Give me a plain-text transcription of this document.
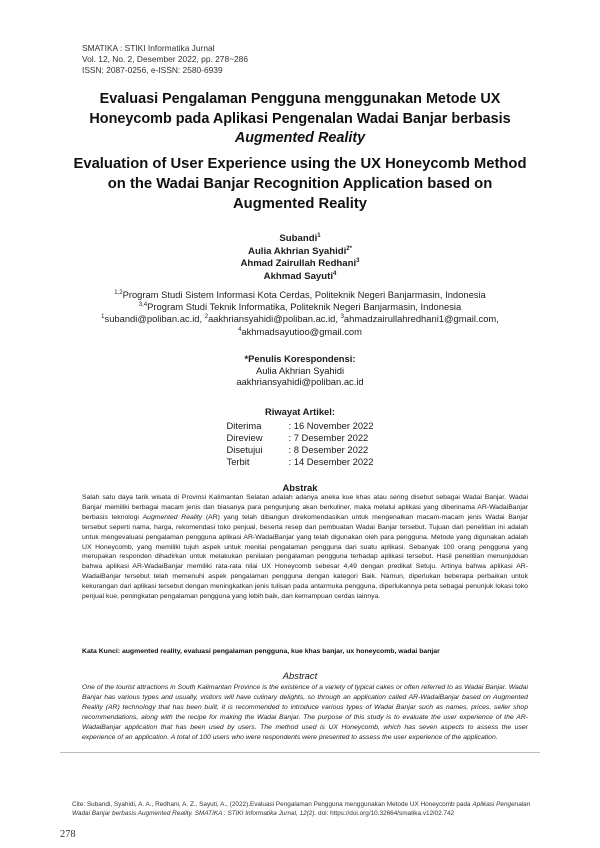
SMATIKA : STIKI Informatika Jurnal
Vol. 12, No. 2, Desember 2022, pp. 278~286
ISSN: 2087-0256, e-ISSN: 2580-6939
Evaluasi Pengalaman Pengguna menggunakan Metode UX
Honeycomb pada Aplikasi Pengenalan Wadai Banjar berbasis
Augmented Reality
Evaluation of User Experience using the UX Honeycomb Method
on the Wadai Banjar Recognition Application based on
Augmented Reality
Subandi$^1$
Aulia Akhrian Syahidi$^{2*}$
Ahmad Zairullah Redhani$^3$
Akhmad Sayuti$^4$
$^{1,2}$Program Studi Sistem Informasi Kota Cerdas, Politeknik Negeri Banjarmasin, Indonesia
$^{3,4}$Program Studi Teknik Informatika, Politeknik Negeri Banjarmasin, Indonesia
$^1$subandi@poliban.ac.id, $^2$aakhriansyahidi@poliban.ac.id, $^3$ahmadzairullahredhani1@gmail.com,
$^4$akhmadsayutioo@gmail.com
*Penulis Korespondensi:
Aulia Akhrian Syahidi
aakhriansyahidi@poliban.ac.id
Riwayat Artikel:
Diterima	: 16 November 2022
Direview	: 7 Desember 2022
Disetujui	: 8 Desember 2022
Terbit	: 14 Desember 2022
Abstrak
Salah satu daya tarik wisata di Provinsi Kalimantan Selatan adalah adanya aneka kue khas atau sering disebut sebagai Wadai Banjar. Wadai Banjar memiliki berbagai macam jenis dan biasanya para pengunjung akan berkuliner, maka melalui aplikasi yang diberinama AR-WadaiBanjar berbasis teknologi Augmented Reality (AR) yang telah dibangun direkomendasikan untuk mengenalkan macam-macam jenis Wadai Banjar tersebut seperti nama, harga, rekomendasi toko penjual, beserta resep dari pembuatan Wadai Banjar tersebut. Tujuan dari penelitian ini adalah untuk mengevaluasi pengalaman pengguna aplikasi AR-WadaiBanjar yang telah digunakan oleh para pengguna. Metode yang digunakan adalah UX Honeycomb, yang memiliki tujuh aspek untuk menilai pengalaman pengguna dari suatu aplikasi. Sebanyak 100 orang pengguna yang merupakan responden dihadirkan untuk melakukan penilaian pengalaman pengguna terhadap aplikasi tersebut. Hasil penelitian menunjukkan bahwa aplikasi AR-WadaiBanjar memiliki rata-rata nilai UX Honeycomb sebesar 4,49 dengan predikat Setuju. Artinya bahwa aplikasi AR-WadaiBanjar tersebut telah memenuhi aspek pengalaman pengguna dengan kategori Baik. Namun, diperlukan beberapa perbaikan untuk kekurangan dari aplikasi tersebut dengan meningkatkan jenis tulisan pada antarmuka pengguna, diperlukannya peta sebagai penunjuk lokasi toko penjual kue, peningkatan pengalaman pengguna yang lebih baik, dan kemampuan cerdas lainnya.
Kata Kunci: augmented reality, evaluasi pengalaman pengguna, kue khas banjar, ux honeycomb, wadai banjar
Abstract
One of the tourist attractions in South Kalimantan Province is the existence of a variety of typical cakes or often referred to as Wadai Banjar. Wadai Banjar has various types and usually, visitors will have culinary delights, so through an application called AR-WadaiBanjar based on Augmented Reality (AR) technology that has been built, it is recommended to introduce various types of Wadai Banjar such as names, prices, seller shop recommendations, along with the recipe for making the Wadai Banjar. The purpose of this study is to evaluate the user experience of the AR-WadaiBanjar application that has been used by users. The method used is UX Honeycomb, which has seven aspects to assess the user experience of an application. A total of 100 users who were respondents were presented to assess the user experience of the application.
Cite: Subandi, Syahidi, A. A., Redhani, A. Z., Sayuti, A., (2022).Evaluasi Pengalaman Pengguna menggunakan Metode UX Honeycomb pada Aplikasi Pengenalan Wadai Banjar berbasis Augmented Reality. SMATIKA : STIKI Informatika Jurnal, 12(2). doi: https://doi.org/10.32664/smatika.v12i02.742
278
